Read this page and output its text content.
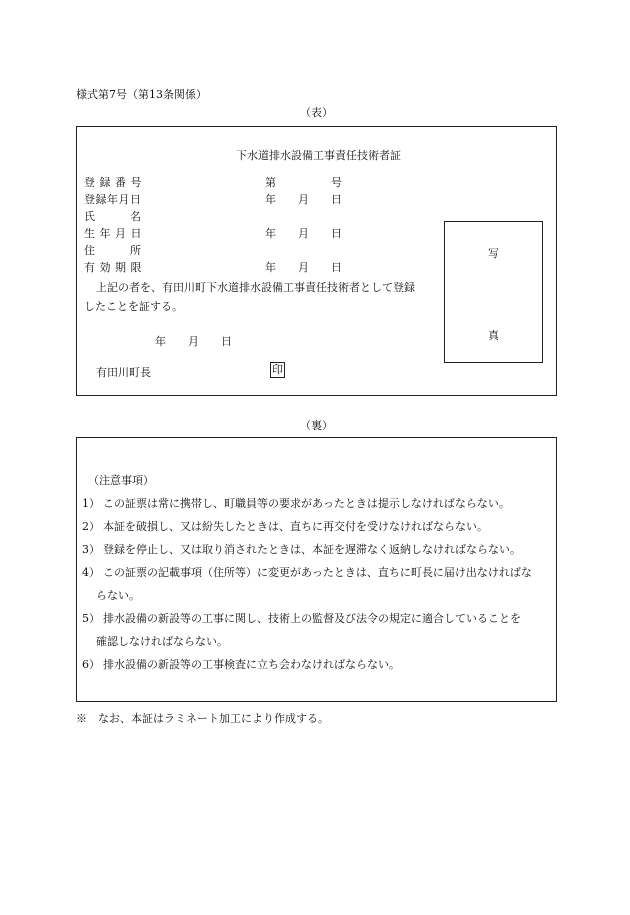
様式第7号（第13条関係）
（表）
下水道排水設備工事責任技術者証
登 録 番 号	第　　　　　号
登録年月日	年　　月　　日
氏　　　名
生 年 月 日	年　　月　　日
住　　　所
有 効 期 限	年　　月　　日
上記の者を、有田川町下水道排水設備工事責任技術者として登録
したことを証する。
年　　月　　日
有田川町長	印
写
真
（裏）
（注意事項）
1） この証票は常に携帯し、町職員等の要求があったときは提示しなければならない。
2） 本証を破損し、又は紛失したときは、直ちに再交付を受けなければならない。
3） 登録を停止し、又は取り消されたときは、本証を遅滞なく返納しなければならない。
4） この証票の記載事項（住所等）に変更があったときは、直ちに町長に届け出なければな
らない。
5） 排水設備の新設等の工事に関し、技術上の監督及び法令の規定に適合していることを
確認しなければならない。
6） 排水設備の新設等の工事検査に立ち会わなければならない。
※　なお、本証はラミネート加工により作成する。
